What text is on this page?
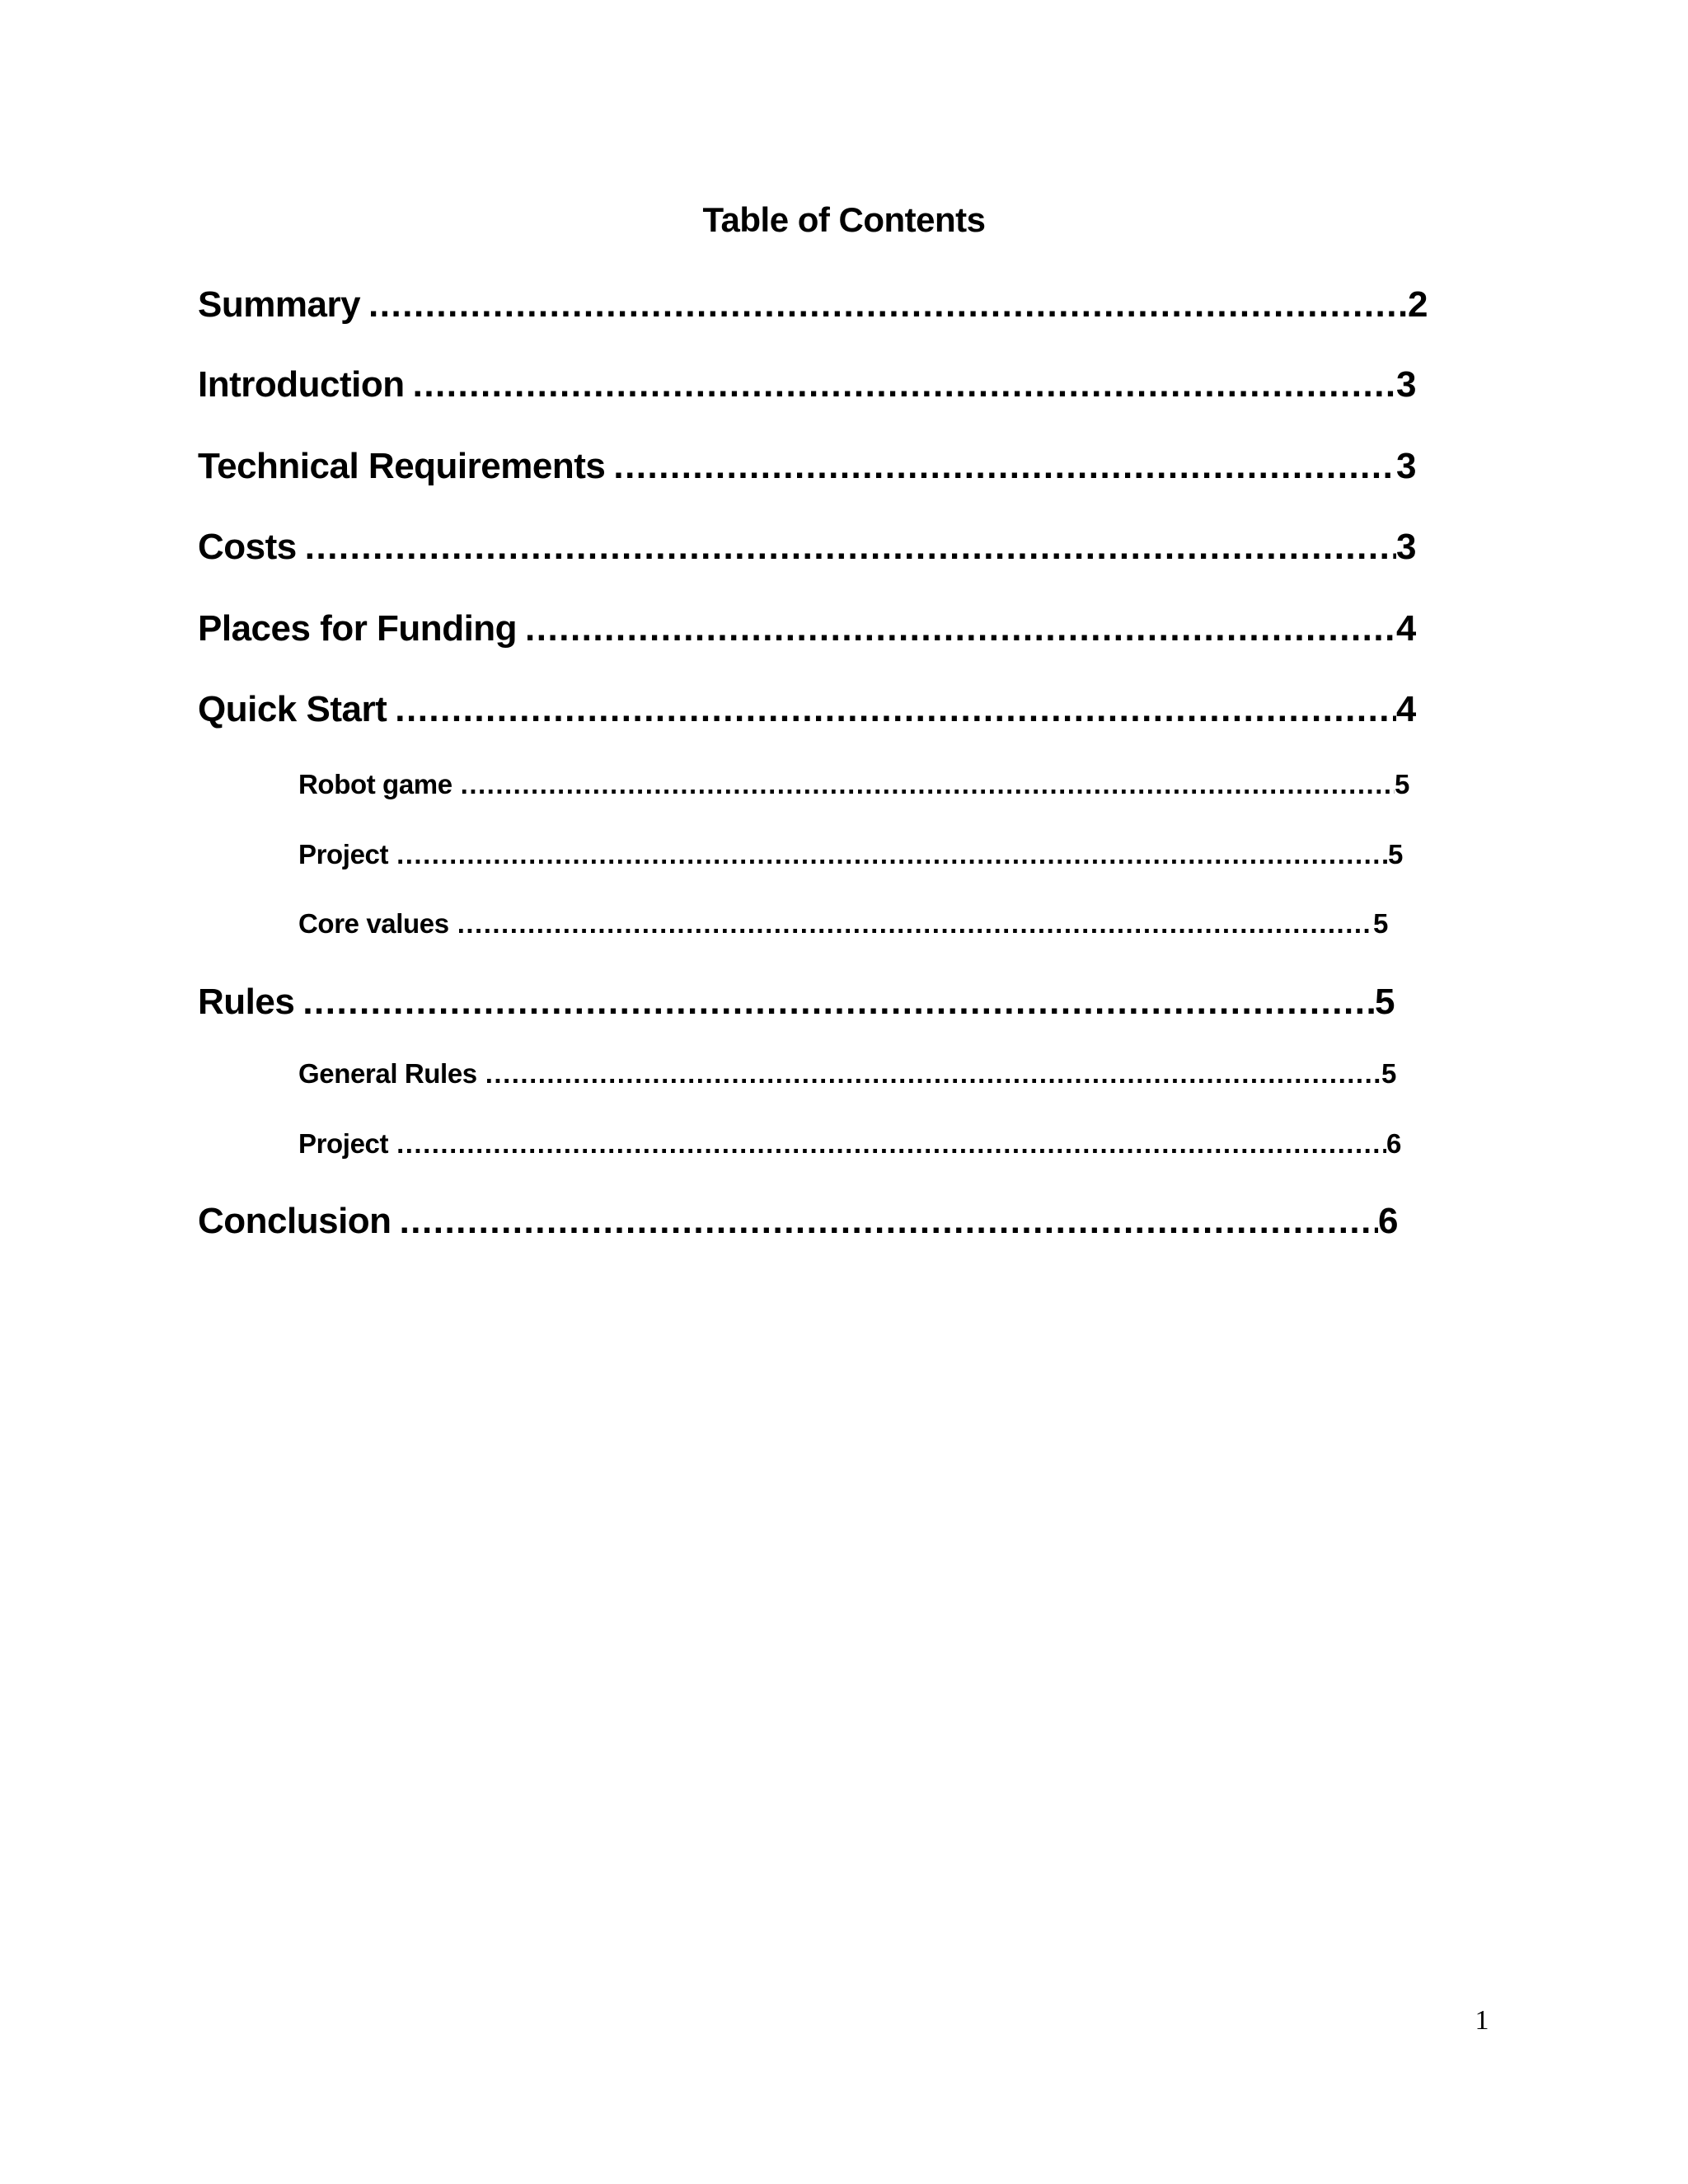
Table of Contents
Summary .....	2
Introduction .....	3
Technical Requirements .....	3
Costs .....	3
Places for Funding .....	4
Quick Start .....	4
Robot game .....	5
Project .....	5
Core values .....	5
Rules .....	5
General Rules .....	5
Project .....	6
Conclusion .....	6
1
